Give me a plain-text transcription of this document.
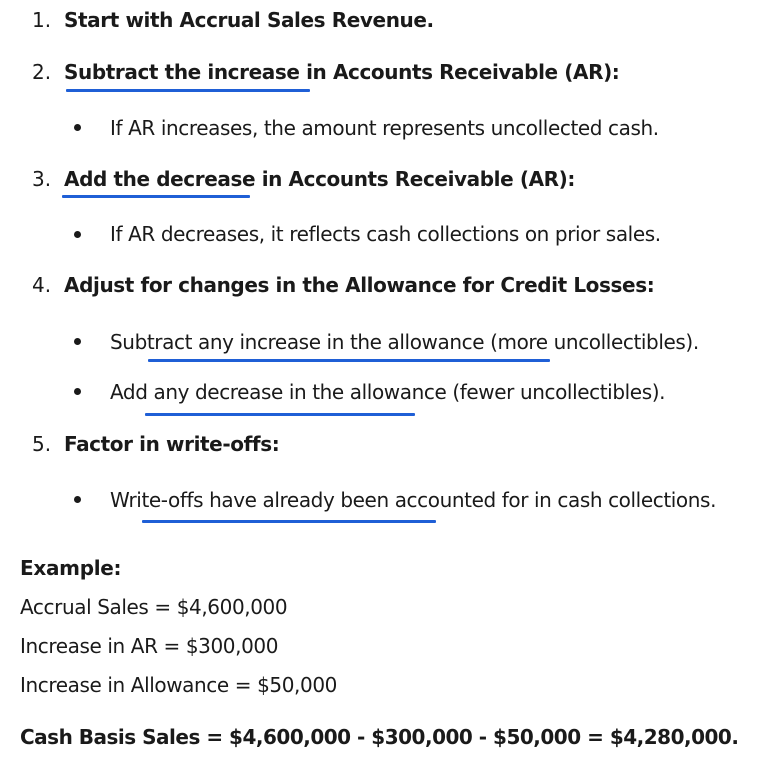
1. Start with Accrual Sales Revenue.
2. Subtract the increase in Accounts Receivable (AR):
If AR increases, the amount represents uncollected cash.
3. Add the decrease in Accounts Receivable (AR):
If AR decreases, it reflects cash collections on prior sales.
4. Adjust for changes in the Allowance for Credit Losses:
Subtract any increase in the allowance (more uncollectibles).
Add any decrease in the allowance (fewer uncollectibles).
5. Factor in write-offs:
Write-offs have already been accounted for in cash collections.
Example:
Accrual Sales = $4,600,000
Increase in AR = $300,000
Increase in Allowance = $50,000
Cash Basis Sales = $4,600,000 - $300,000 - $50,000 = $4,280,000.
